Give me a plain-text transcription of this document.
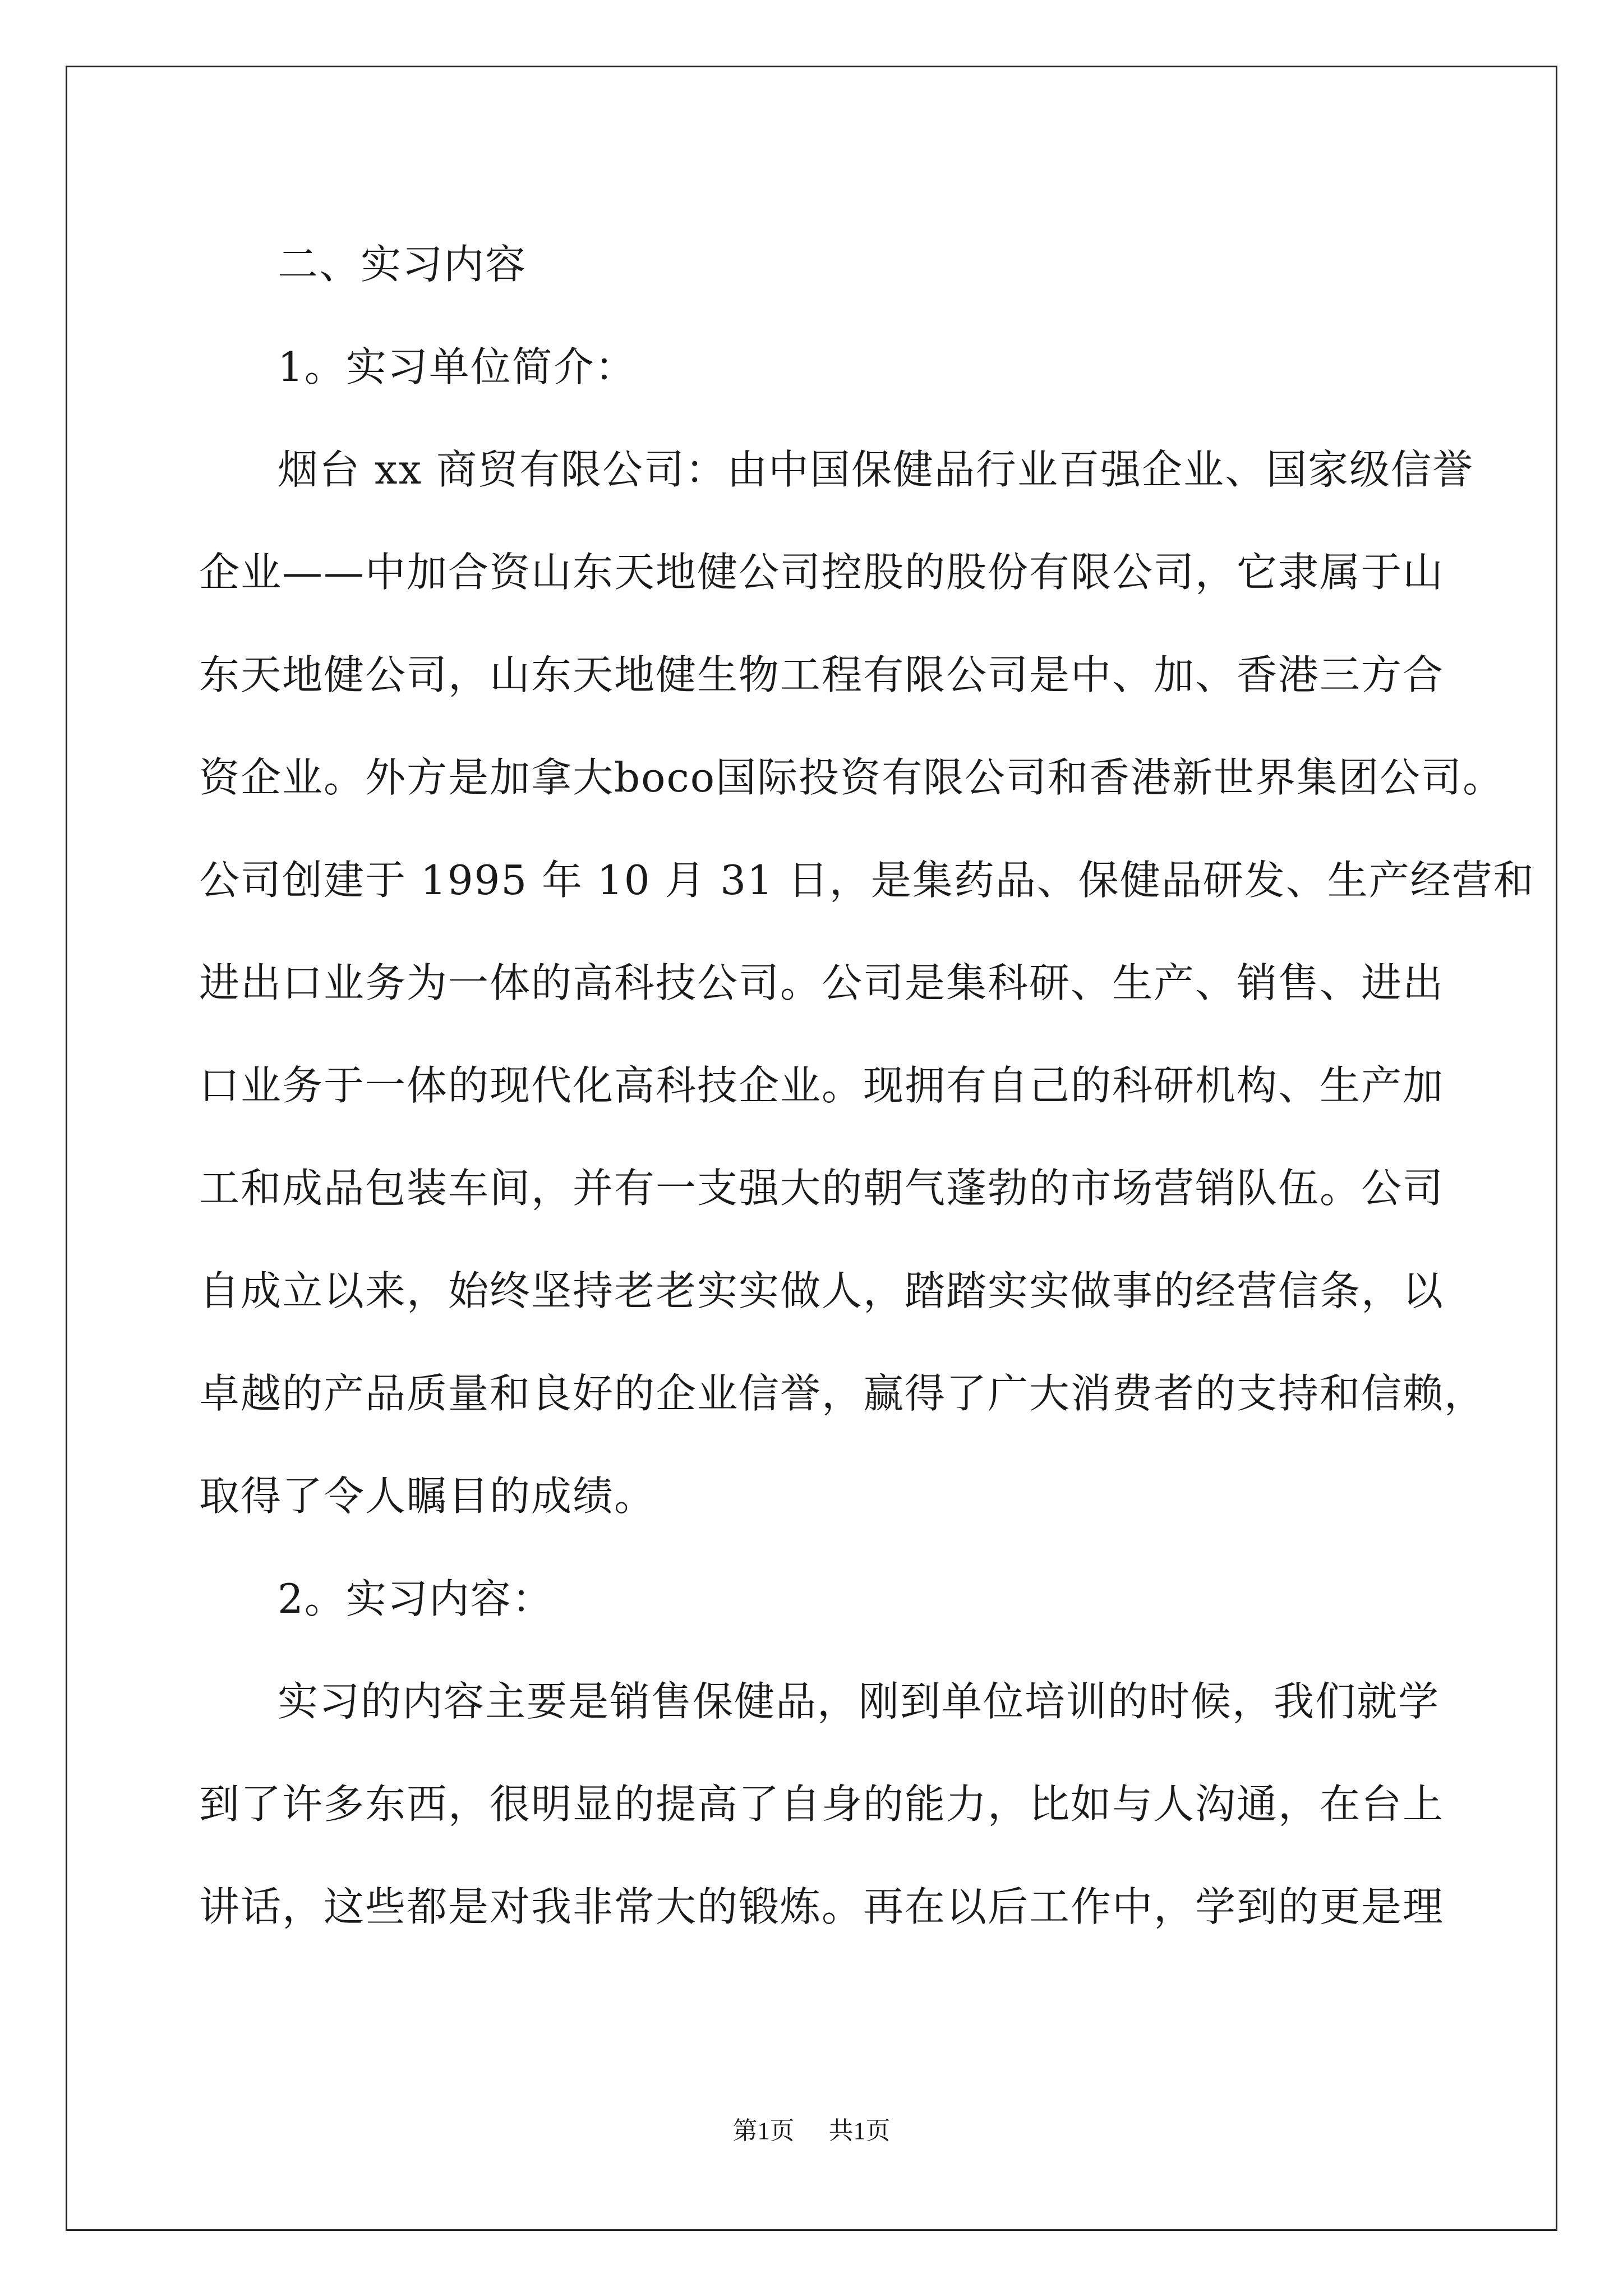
二、实习内容
1。实习单位简介：
烟台 xx 商贸有限公司：由中国保健品行业百强企业、国家级信誉
企业——中加合资山东天地健公司控股的股份有限公司，它隶属于山
东天地健公司，山东天地健生物工程有限公司是中、加、香港三方合
资企业。外方是加拿大boco国际投资有限公司和香港新世界集团公司。
公司创建于 1995 年 10 月 31 日，是集药品、保健品研发、生产经营和
进出口业务为一体的高科技公司。公司是集科研、生产、销售、进出
口业务于一体的现代化高科技企业。现拥有自己的科研机构、生产加
工和成品包装车间，并有一支强大的朝气蓬勃的市场营销队伍。公司
自成立以来，始终坚持老老实实做人，踏踏实实做事的经营信条，以
卓越的产品质量和良好的企业信誉，赢得了广大消费者的支持和信赖，
取得了令人瞩目的成绩。
2。实习内容：
实习的内容主要是销售保健品，刚到单位培训的时候，我们就学
到了许多东西，很明显的提高了自身的能力，比如与人沟通，在台上
讲话，这些都是对我非常大的锻炼。再在以后工作中，学到的更是理
第1页 共1页
